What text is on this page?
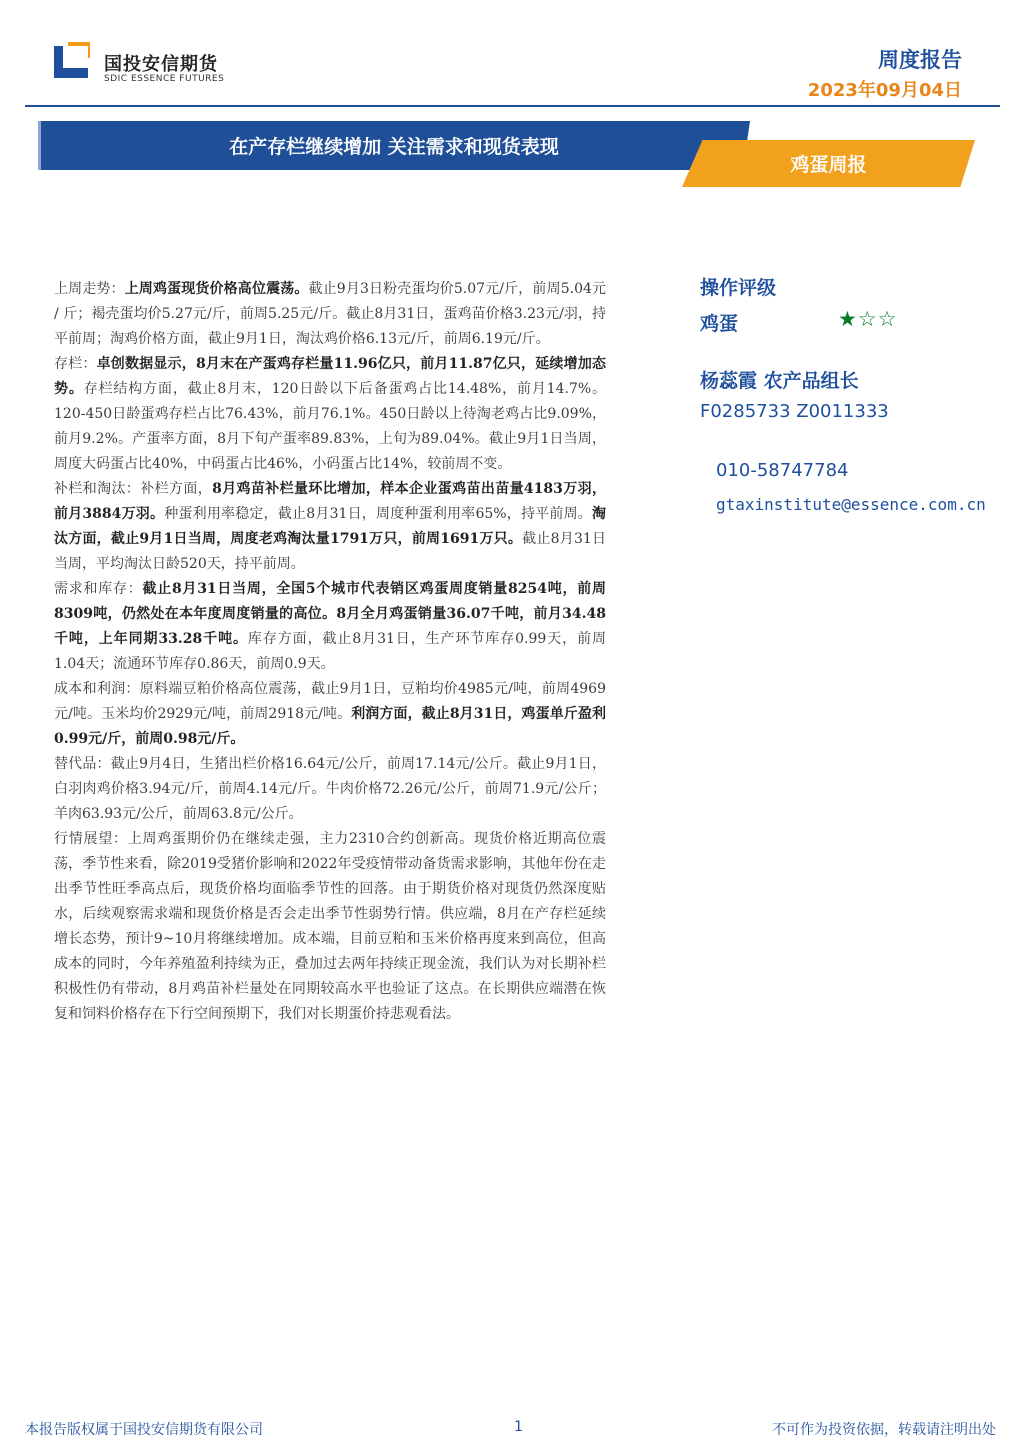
国投安信期货
SDIC ESSENCE FUTURES
周度报告
2023年09月04日
在产存栏继续增加 关注需求和现货表现
鸡蛋周报

上周走势：上周鸡蛋现货价格高位震荡。截止9月3日粉壳蛋均价5.07元/斤，前周5.04元 / 斤；褐壳蛋均价5.27元/斤，前周5.25元/斤。截止8月31日，蛋鸡苗价格3.23元/羽，持平前周；淘鸡价格方面，截止9月1日，淘汰鸡价格6.13元/斤，前周6.19元/斤。

存栏：卓创数据显示，8月末在产蛋鸡存栏量11.96亿只，前月11.87亿只，延续增加态势。存栏结构方面，截止8月末，120日龄以下后备蛋鸡占比14.48%，前月14.7%。120-450日龄蛋鸡存栏占比76.43%，前月76.1%。450日龄以上待淘老鸡占比9.09%，前月9.2%。产蛋率方面，8月下旬产蛋率89.83%，上旬为89.04%。截止9月1日当周，周度大码蛋占比40%，中码蛋占比46%，小码蛋占比14%，较前周不变。

补栏和淘汰：补栏方面，8月鸡苗补栏量环比增加，样本企业蛋鸡苗出苗量4183万羽，前月3884万羽。种蛋利用率稳定，截止8月31日，周度种蛋利用率65%，持平前周。淘汰方面，截止9月1日当周，周度老鸡淘汰量1791万只，前周1691万只。截止8月31日当周，平均淘汰日龄520天，持平前周。

需求和库存：截止8月31日当周，全国5个城市代表销区鸡蛋周度销量8254吨，前周8309吨，仍然处在本年度周度销量的高位。8月全月鸡蛋销量36.07千吨，前月34.48千吨，上年同期33.28千吨。库存方面，截止8月31日，生产环节库存0.99天，前周1.04天；流通环节库存0.86天，前周0.9天。

成本和利润：原料端豆粕价格高位震荡，截止9月1日，豆粕均价4985元/吨，前周4969元/吨。玉米均价2929元/吨，前周2918元/吨。利润方面，截止8月31日，鸡蛋单斤盈利0.99元/斤，前周0.98元/斤。

替代品：截止9月4日，生猪出栏价格16.64元/公斤，前周17.14元/公斤。截止9月1日，白羽肉鸡价格3.94元/斤，前周4.14元/斤。牛肉价格72.26元/公斤，前周71.9元/公斤；羊肉63.93元/公斤，前周63.8元/公斤。

行情展望：上周鸡蛋期价仍在继续走强，主力2310合约创新高。现货价格近期高位震荡，季节性来看，除2019受猪价影响和2022年受疫情带动备货需求影响，其他年份在走出季节性旺季高点后，现货价格均面临季节性的回落。由于期货价格对现货仍然深度贴水，后续观察需求端和现货价格是否会走出季节性弱势行情。供应端，8月在产存栏延续增长态势，预计9~10月将继续增加。成本端，目前豆粕和玉米价格再度来到高位，但高成本的同时，今年养殖盈利持续为正，叠加过去两年持续正现金流，我们认为对长期补栏积极性仍有带动，8月鸡苗补栏量处在同期较高水平也验证了这点。在长期供应端潜在恢复和饲料价格存在下行空间预期下，我们对长期蛋价持悲观看法。

操作评级
鸡蛋	★☆☆
杨蕊霞 农产品组长
F0285733 Z0011333
010-58747784
gtaxinstitute@essence.com.cn
本报告版权属于国投安信期货有限公司	1	不可作为投资依据，转载请注明出处
